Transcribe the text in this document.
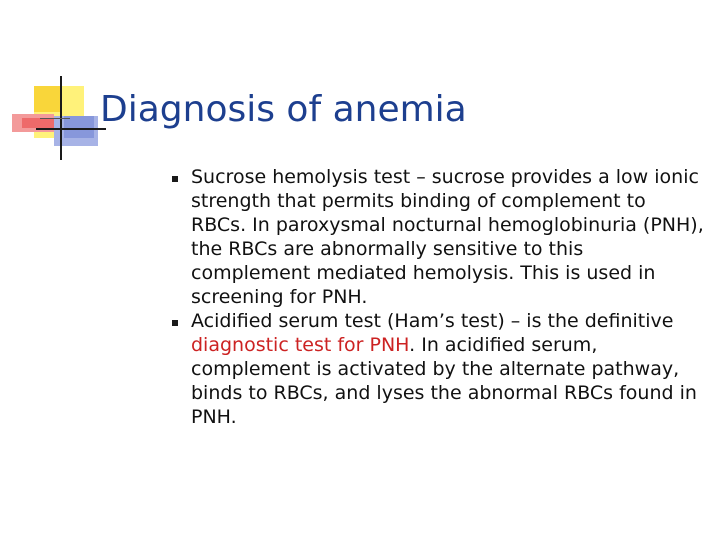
Diagnosis of anemia
Sucrose hemolysis test – sucrose provides a low ionic strength that permits binding of complement to RBCs. In paroxysmal nocturnal hemoglobinuria (PNH), the RBCs are abnormally sensitive to this complement mediated hemolysis. This is used in screening for PNH.
Acidified serum test (Ham’s test) – is the definitive diagnostic test for PNH. In acidified serum, complement is activated by the alternate pathway, binds to RBCs, and lyses the abnormal RBCs found in PNH.
